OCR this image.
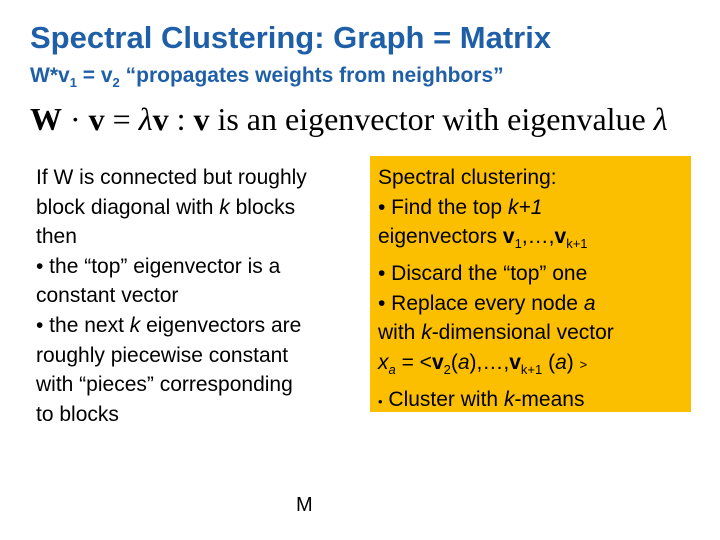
Spectral Clustering: Graph = Matrix
$W*v_1 = v_2$ “propagates weights from neighbors”
W · v = λv : v is an eigenvector with eigenvalue λ
If W is connected but roughly
block diagonal with k blocks
then
• the “top” eigenvector is a
constant vector
• the next k eigenvectors are
roughly piecewise constant
with “pieces” corresponding
to blocks
Spectral clustering:
• Find the top k+1
eigenvectors $v_1,\dots,v_{k+1}$
• Discard the “top” one
• Replace every node a
with k-dimensional vector
$x_a$ = $<v_2(a),\dots,v_{k+1}$ (a) >
• Cluster with k-means
M
